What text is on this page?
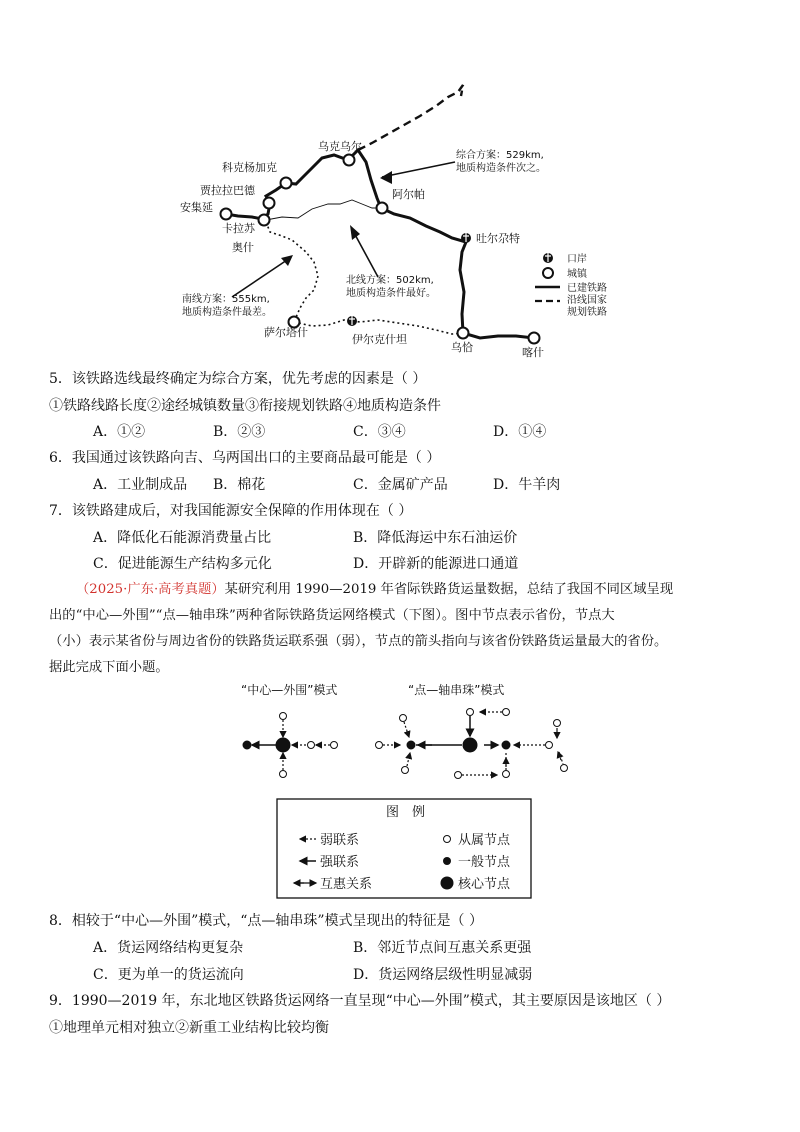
乌克乌尔
科克杨加克
贾拉拉巴德
安集延
卡拉苏
奥什
萨尔塔什
阿尔帕
吐尔尕特
伊尔克什坦
乌恰	喀什
综合方案：529km,
地质构造条件次之。
北线方案：502km,
地质构造条件最好。
南线方案：555km,
地质构造条件最差。
口岸
城镇
已建铁路
沿线国家
规划铁路
5．该铁路选线最终确定为综合方案，优先考虑的因素是（ ）
①铁路线路长度②途经城镇数量③衔接规划铁路④地质构造条件
A．①②	B．②③	C．③④	D．①④
6．我国通过该铁路向吉、乌两国出口的主要商品最可能是（ ）
A．工业制成品 B．棉花	C．金属矿产品	D．牛羊肉
7．该铁路建成后，对我国能源安全保障的作用体现在（ ）
A．降低化石能源消费量占比	B．降低海运中东石油运价
C．促进能源生产结构多元化	D．开辟新的能源进口通道
（2025·广东·高考真题）某研究利用 1990—2019 年省际铁路货运量数据，总结了我国不同区域呈现
出的“中心—外围”“点—轴串珠”两种省际铁路货运网络模式（下图）。图中节点表示省份，节点大
（小）表示某省份与周边省份的铁路货运联系强（弱），节点的箭头指向与该省份铁路货运量最大的省份。
据此完成下面小题。
“中心—外围”模式	“点—轴串珠”模式
图　例
弱联系
强联系
互惠关系
从属节点
一般节点
核心节点
8．相较于“中心—外围”模式，“点—轴串珠”模式呈现出的特征是（ ）
A．货运网络结构更复杂	B．邻近节点间互惠关系更强
C．更为单一的货运流向	D．货运网络层级性明显减弱
9．1990—2019 年，东北地区铁路货运网络一直呈现“中心—外围”模式，其主要原因是该地区（ ）
①地理单元相对独立②新重工业结构比较均衡
